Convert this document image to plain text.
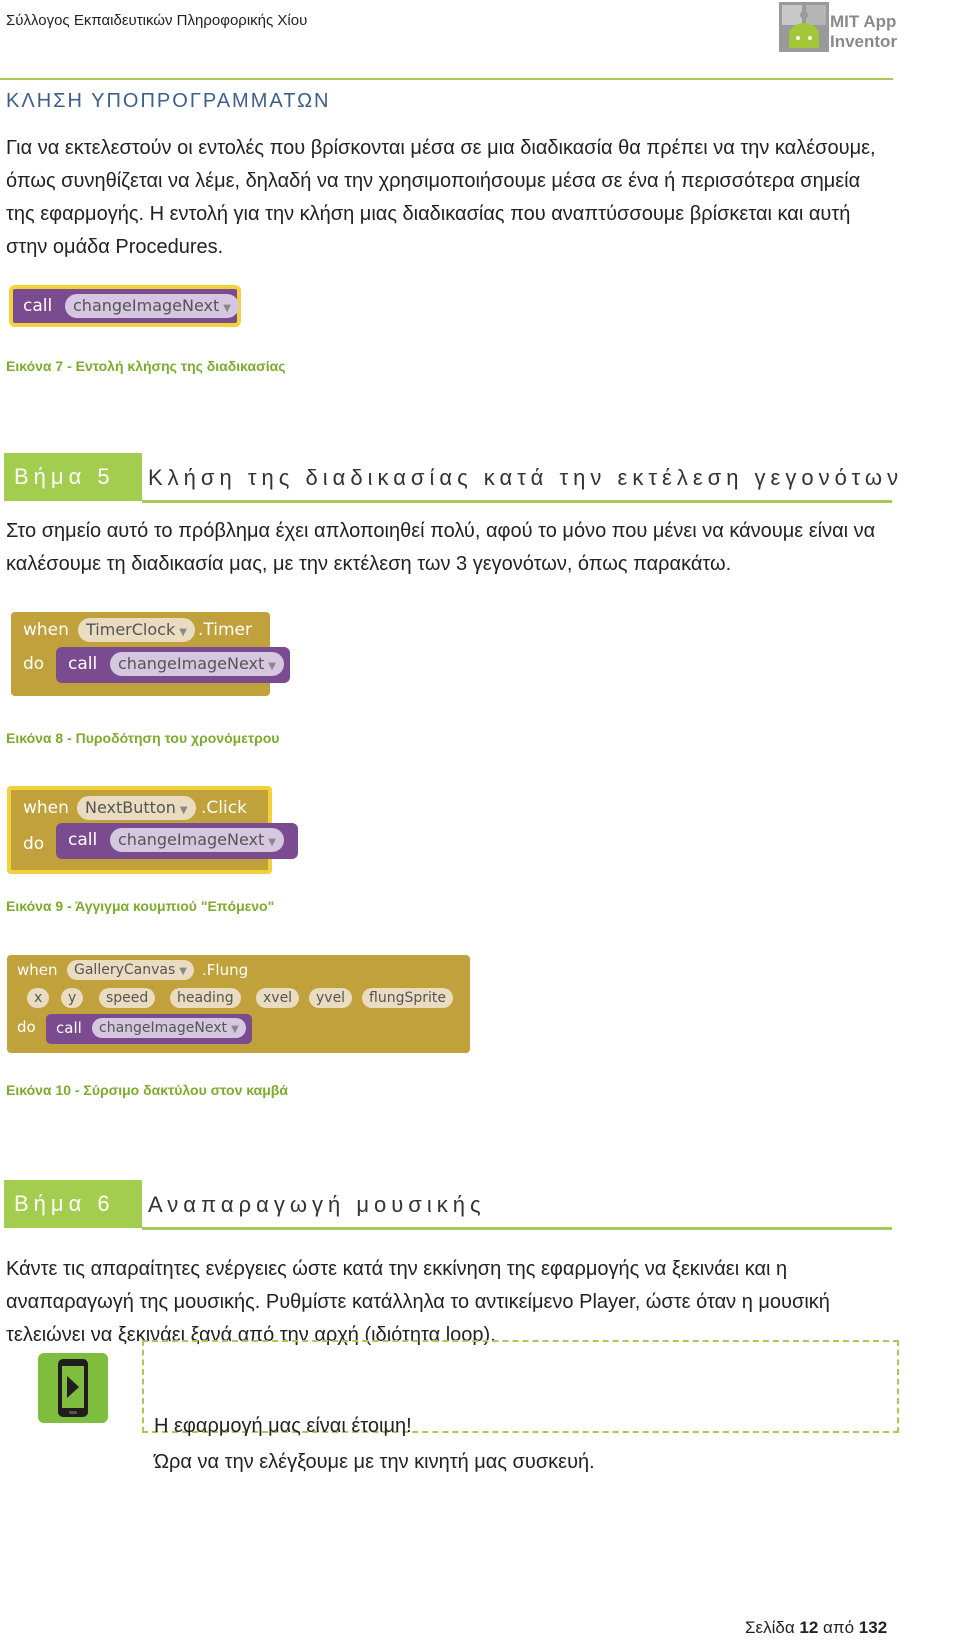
Σύλλογος Εκπαιδευτικών Πληροφορικής Χίου	MIT App Inventor
ΚΛΗΣΗ ΥΠΟΠΡΟΓΡΑΜΜΑΤΩΝ
Για να εκτελεστούν οι εντολές που βρίσκονται μέσα σε μια διαδικασία θα πρέπει να την καλέσουμε, όπως συνηθίζεται να λέμε, δηλαδή να την χρησιμοποιήσουμε μέσα σε ένα ή περισσότερα σημεία της εφαρμογής. Η εντολή για την κλήση μιας διαδικασίας που αναπτύσσουμε βρίσκεται και αυτή στην ομάδα Procedures.
call	changeImageNext ▼
Εικόνα 7 - Εντολή κλήσης της διαδικασίας
Βήμα 5	Κλήση της διαδικασίας κατά την εκτέλεση γεγονότων
Στο σημείο αυτό το πρόβλημα έχει απλοποιηθεί πολύ, αφού το μόνο που μένει να κάνουμε είναι να καλέσουμε τη διαδικασία μας, με την εκτέλεση των 3 γεγονότων, όπως παρακάτω.
when	TimerClock ▼ .Timer
do call	changeImageNext ▼
Εικόνα 8 - Πυροδότηση του χρονόμετρου
when	NextButton ▼ .Click
do call	changeImageNext ▼
Εικόνα 9 - Άγγιγμα κουμπιού "Επόμενο"
when	GalleryCanvas ▼	.Flung
x	y	speed	heading	xvel	yvel	flungSprite
do call	changeImageNext ▼
Εικόνα 10 - Σύρσιμο δακτύλου στον καμβά
Βήμα 6	Αναπαραγωγή μουσικής
Κάντε τις απαραίτητες ενέργειες ώστε κατά την εκκίνηση της εφαρμογής να ξεκινάει και η αναπαραγωγή της μουσικής. Ρυθμίστε κατάλληλα το αντικείμενο Player, ώστε όταν η μουσική τελειώνει να ξεκινάει ξανά από την αρχή (ιδιότητα loop).
Η εφαρμογή μας είναι έτοιμη!
Ώρα να την ελέγξουμε με την κινητή μας συσκευή.
Σελίδα 12 από 132
